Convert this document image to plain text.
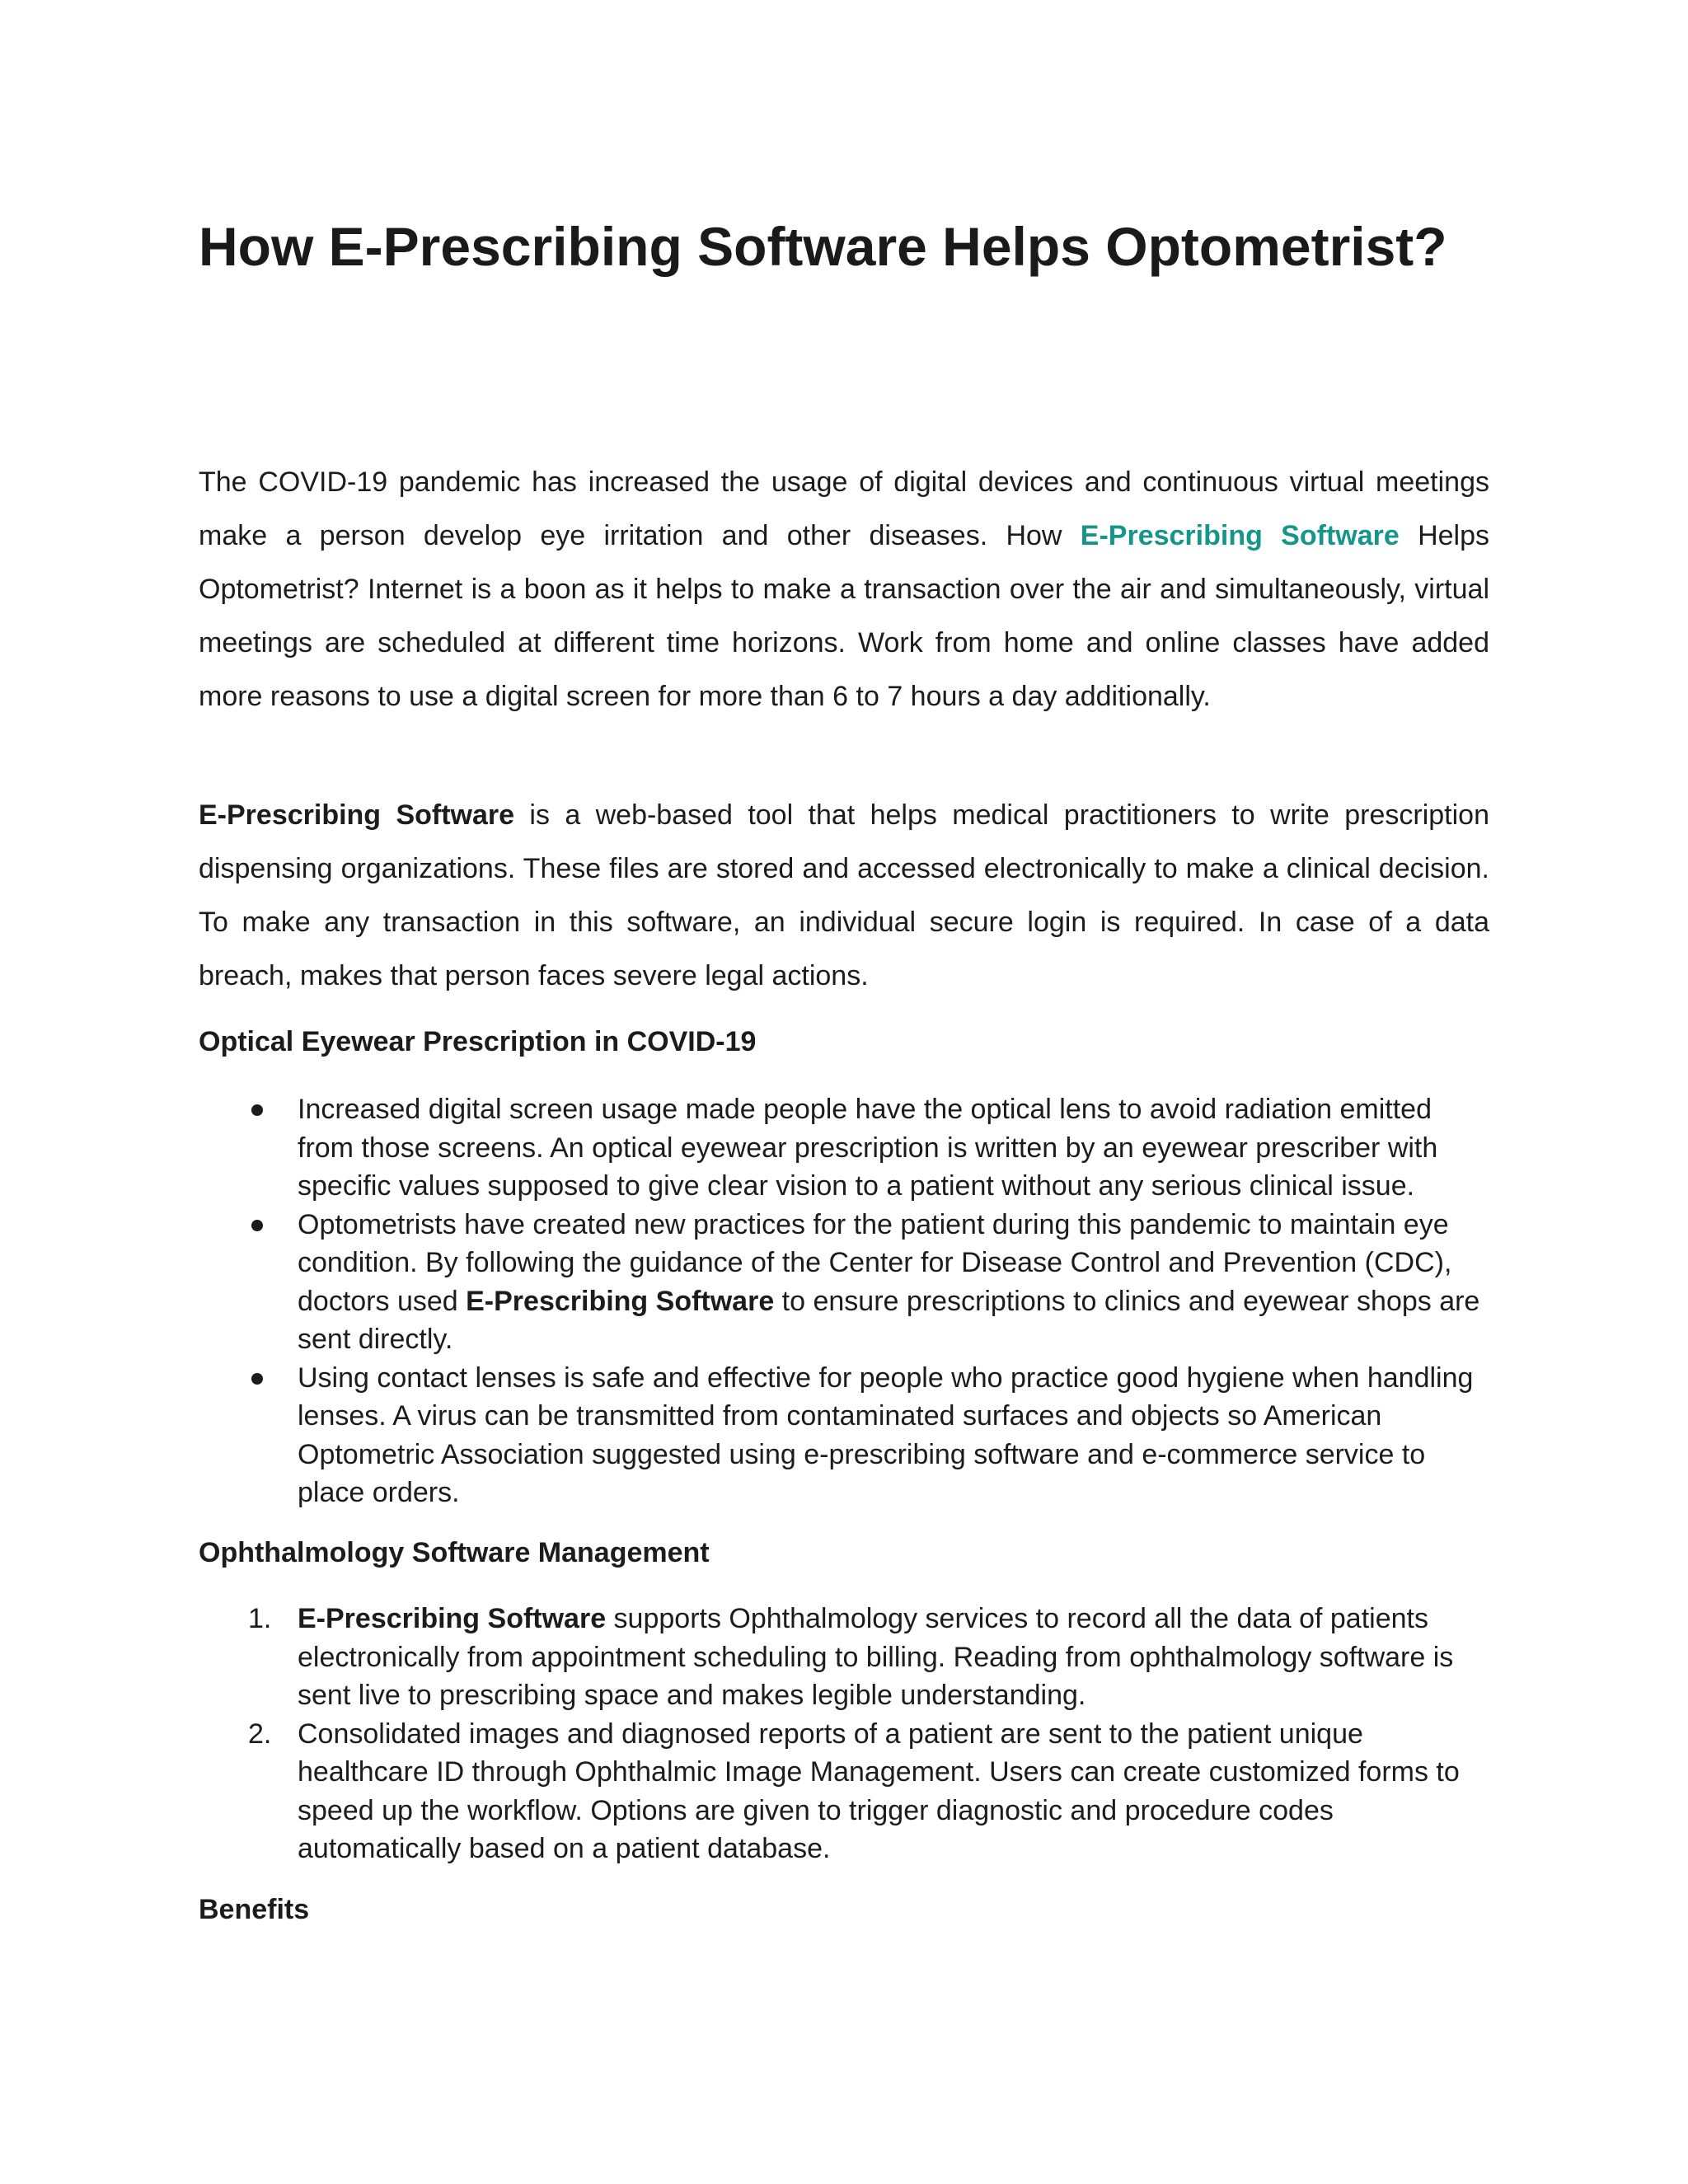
How E-Prescribing Software Helps Optometrist?

The COVID-19 pandemic has increased the usage of digital devices and continuous virtual meetings make a person develop eye irritation and other diseases. How E-Prescribing Software Helps Optometrist? Internet is a boon as it helps to make a transaction over the air and simultaneously, virtual meetings are scheduled at different time horizons. Work from home and online classes have added more reasons to use a digital screen for more than 6 to 7 hours a day additionally.

E-Prescribing Software is a web-based tool that helps medical practitioners to write prescription dispensing organizations. These files are stored and accessed electronically to make a clinical decision. To make any transaction in this software, an individual secure login is required. In case of a data breach, makes that person faces severe legal actions.

Optical Eyewear Prescription in COVID-19
Increased digital screen usage made people have the optical lens to avoid radiation emitted from those screens. An optical eyewear prescription is written by an eyewear prescriber with specific values supposed to give clear vision to a patient without any serious clinical issue.
Optometrists have created new practices for the patient during this pandemic to maintain eye condition. By following the guidance of the Center for Disease Control and Prevention (CDC), doctors used E-Prescribing Software to ensure prescriptions to clinics and eyewear shops are sent directly.
Using contact lenses is safe and effective for people who practice good hygiene when handling lenses. A virus can be transmitted from contaminated surfaces and objects so American Optometric Association suggested using e-prescribing software and e-commerce service to place orders.
Ophthalmology Software Management
1. E-Prescribing Software supports Ophthalmology services to record all the data of patients electronically from appointment scheduling to billing. Reading from ophthalmology software is sent live to prescribing space and makes legible understanding.
2. Consolidated images and diagnosed reports of a patient are sent to the patient unique healthcare ID through Ophthalmic Image Management. Users can create customized forms to speed up the workflow. Options are given to trigger diagnostic and procedure codes automatically based on a patient database.
Benefits
